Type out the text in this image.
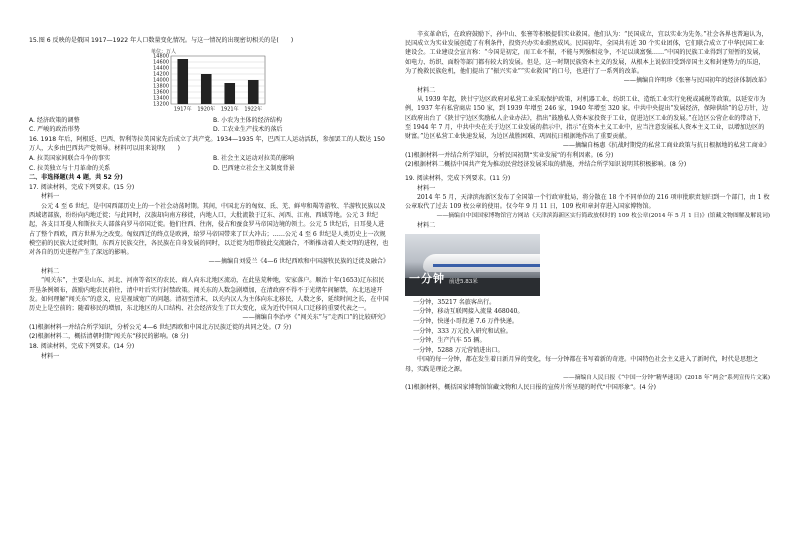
15.图 6 反映的是俄国 1917—1922 年人口数量变化情况。与这一情况的出现密切相关的是(　　)

13200
13400
13600
13800
14000
14200
14400
14600
14800
单位：万人
1917年 1920年 1921年 1922年

A. 经济政策的调整	B. 小农为主体的经济结构

C. 严峻的政治形势	D. 工农业生产技术的落后

16. 1918 年后，阿根廷、巴西、智利等拉美国家先后成立了共产党。1934—1935 年，巴西工人运动活跃，参加罢工的人数达 150 万人，大多由巴西共产党领导。材料可以用来说明(　　)

A. 拉美国家间联合斗争的事实	B. 社会主义运动对拉美的影响

C. 拉美独立与十月革命的关系	D. 巴西建立社会主义制度背景

二、非选择题(共 4 题，共 52 分)

17. 阅读材料，完成下列要求。(15 分)

材料一

公元 4 至 6 世纪，是中国西部历史上的一个社会动荡时期。其间，中国北方的匈奴、氐、羌、鲜卑和羯等游牧、半游牧民族以及西域诸部族，纷纷向内地迁徙；与此同时，汉族却向南方移徙，内地人口，大批流散于辽东、河西、江南、西域等地。公元 3 世纪起，各支目耳曼人和斯拉夫人部落向罗马帝国迁徙。他们往西、往南，侵占和蚕食罗马帝国边境的领土。公元 5 世纪后，日耳曼人进占了整个西欧，西方世界为之改变。匈奴西迁的终点是欧洲，给罗马帝国带来了巨大冲击；……公元 4 至 6 世纪是人类历史上一次规模空前的民族大迁徙时期，东西方民族交往，各民族在自身发展的同时，以迁徙为纽带彼此交流融合，不断推动着人类文明的进程，也对各自的历史进程产生了深远的影响。

——摘编自刘爱兰《4—6 世纪西欧和中国游牧民族的迁徙及融合》

材料二

“闯关东”，主要是山东、河北、河南等省区的农民、商人向东北地区流动，在此垦荒种地，安家落户。顺治十年(1653)辽东招民开垦条例颁布，鼓励内地农民前往，清中叶后实行封禁政策。闯关东的人数急剧增加，在清政府不得不于光绪年间解禁，东北迅速开发。如何理解“闯关东”的意义，应是视域宽广的问题。清初至清末，以关内汉人为主体向东北移民，人数之多，延续时间之长，在中国历史上是空前的；随着移民的增加，东北地区的人口结构、社会经济发生了巨大变化，成为近代中国人口迁移的重要代表之一。

——摘编自李治亭《“闯关东”与“走西口”的比较研究》

(1)根据材料一并结合所学知识，分析公元 4—6 世纪西欧和中国北方民族迁徙的共同之处。(7 分)

(2)根据材料二，概括清朝时期“闯关东”移民的影响。(8 分)

18. 阅读材料，完成下列要求。(14 分)

材料一

辛亥革命后，在政府鼓励下，孙中山、张謇等积极提倡实业救国。他们认为：“民国成立，宜以实业为先务。”社会各界也普遍认为，民国成立为实业发展创造了有利条件，投资兴办实业蔚然成风。民国初年，全国共有近 30 个实业团体，它们联合成立了中华民国工业建设会。工业建设会宣言称：“今国是初定，而工业不振，不能与列强相竞争，不足以谈富强……”中国的民族工业得到了短暂的发展，如电力、纺织、面粉等部门都有较大的发展。但是，这一时期民族资本主义的发展，从根本上说依旧受到帝国主义和封建势力的压迫，为了挽救民族危机，他们提出了“振兴实业”“实业救国”的口号，也进行了一系列的改革。

——摘编自许明珍《张謇与民国初年的经济体制改革》

材料二

从 1939 年起，陕甘宁边区政府对私营工业采取保护政策，对机器工业、纺织工业、造纸工业实行免税或减税等政策。以延安市为例，1937 年有私营商店 150 家，到 1939 年增至 246 家，1940 年增至 320 家。中共中央提出“发展经济，保障供给”的总方针，边区政府出台了《陕甘宁边区奖励私人企业办法》，指出“鼓励私人资本家投资于工业，促进边区工业的发展。”在边区公营企业的带动下，至 1944 年 7 月，中共中央在关于边区工业发展的指示中，指示“在资本主义工业中，应当注意发展私人资本主义工业，以增加边区的财富。”边区私营工业快速发展，为边区战胜困难、巩固抗日根据地作出了重要贡献。

——摘编自杨惠《抗战时期党的私营工商业政策与抗日根据地的私营工商业》

(1)根据材料一并结合所学知识，分析民国初期“实业发展”的有利因素。(6 分)

(2)根据材料二概括中国共产党为推动民营经济发展采取的措施，并结合所学知识说明其积极影响。(8 分)

19. 阅读材料，完成下列要求。(11 分)

材料一

2014 年 5 月，天津滨海新区发布了全国第一个行政审批局，将分散在 18 个不同单位的 216 项审批职责划归到一个部门，由 1 枚公章取代了过去 109 枚公章的使用。仅今年 9 月 11 日，109 枚印章封存进入国家博物馆。

——摘编自中国国家博物馆官方网站《天津滨海新区实行简政放权时的 109 枚公章(2014 年 5 月 1 日)》(馆藏文物图解及解说词)

材料二

一分钟 前进5.83米

一分钟，35217 名旅客出行。

一分钟，移动互联网接入流量 468040。

一分钟，快递小哥投递 7.6 万件快递。

一分钟，333 万元投入研究和试验。

一分钟，生产汽车 55 辆。

一分钟，5288 万元营销进出口。

中国的每一分钟，都在发生着日新月异的变化，每一分钟都在书写着新的奇迹。中国特色社会主义进入了新时代，时代是思想之母，实践是理论之源。

——摘编自人民日报《“中国一分钟”精华速读》(2018 年“两会”系列宣传片文案)

(1)根据材料，概括国家博物馆馆藏文物和人民日报的宣传片所呈现的时代“中国形象”。(4 分)
